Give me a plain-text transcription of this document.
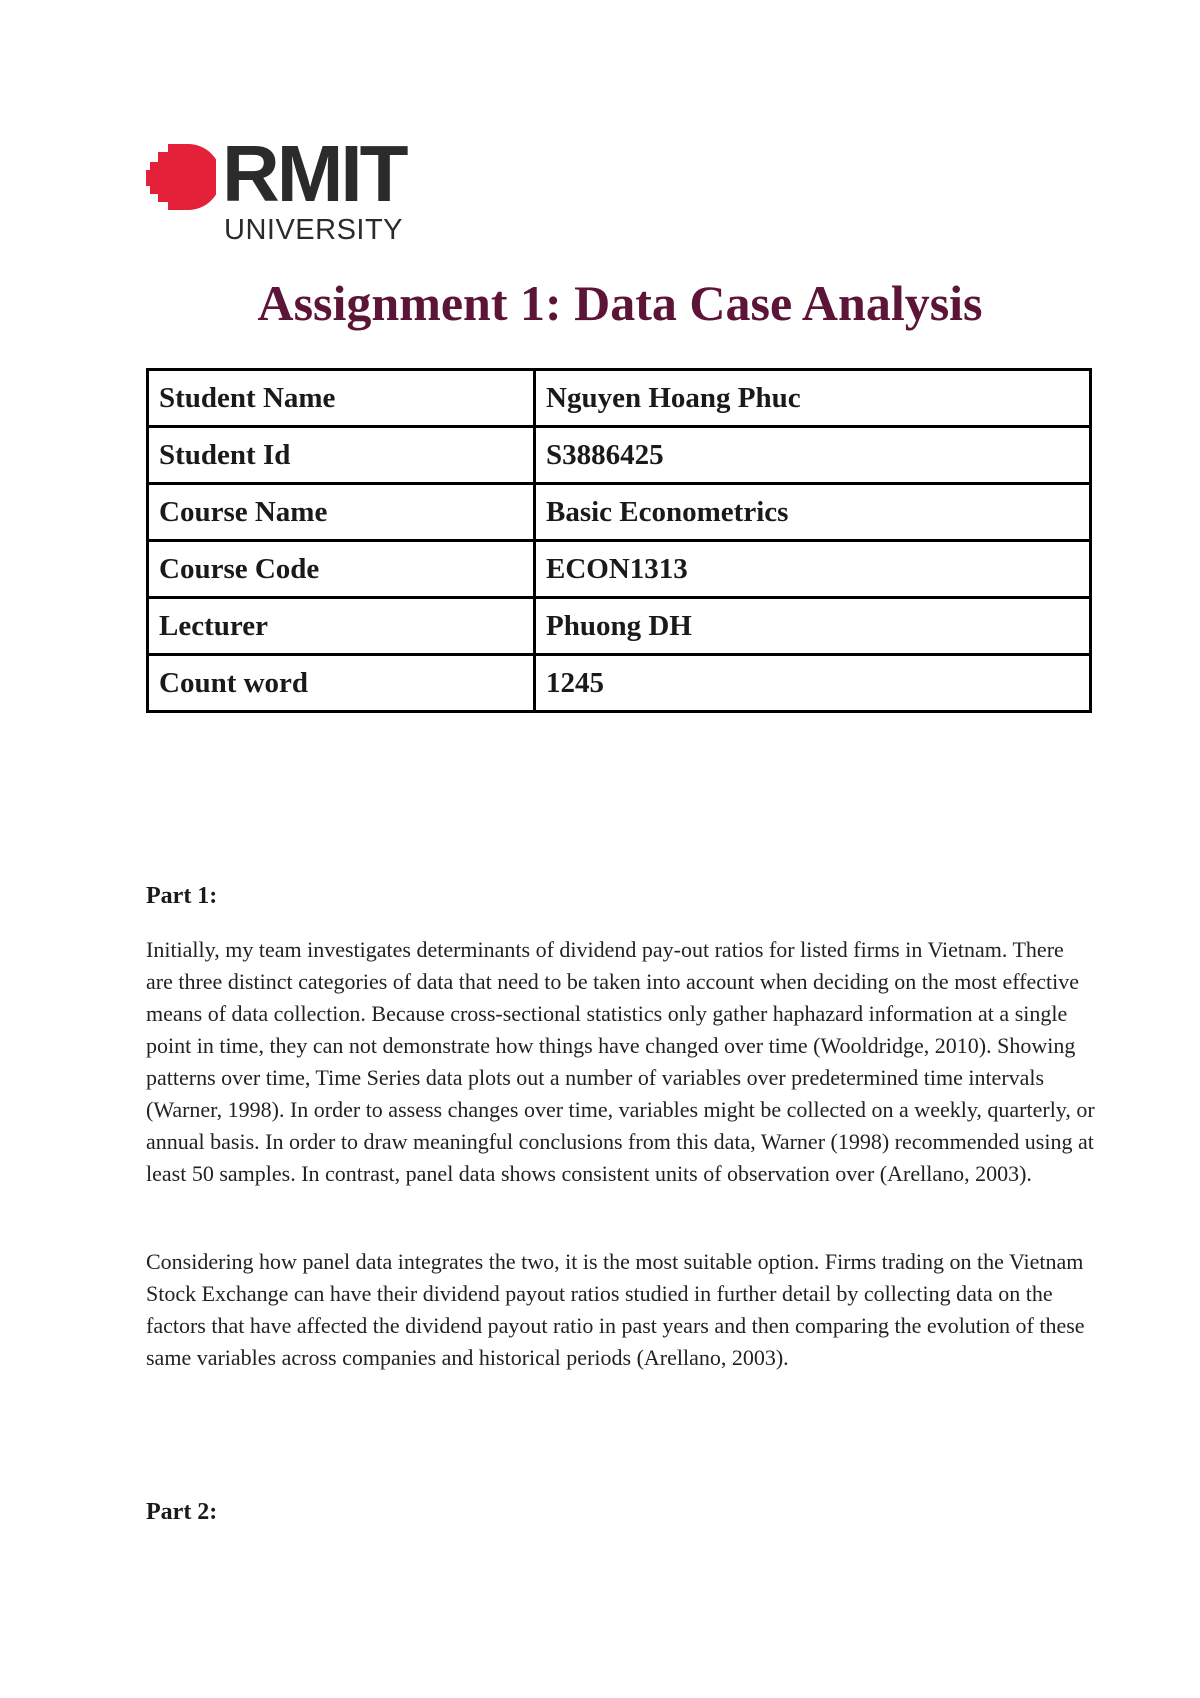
RMIT
UNIVERSITY
Assignment 1: Data Case Analysis
Student Name	Nguyen Hoang Phuc
Student Id	S3886425
Course Name	Basic Econometrics
Course Code	ECON1313
Lecturer	Phuong DH
Count word	1245
Part 1:

Initially, my team investigates determinants of dividend pay-out ratios for listed firms in Vietnam. There are three distinct categories of data that need to be taken into account when deciding on the most effective means of data collection. Because cross-sectional statistics only gather haphazard information at a single point in time, they can not demonstrate how things have changed over time (Wooldridge, 2010). Showing patterns over time, Time Series data plots out a number of variables over predetermined time intervals (Warner, 1998). In order to assess changes over time, variables might be collected on a weekly, quarterly, or annual basis. In order to draw meaningful conclusions from this data, Warner (1998) recommended using at least 50 samples. In contrast, panel data shows consistent units of observation over (Arellano, 2003).

Considering how panel data integrates the two, it is the most suitable option. Firms trading on the Vietnam Stock Exchange can have their dividend payout ratios studied in further detail by collecting data on the factors that have affected the dividend payout ratio in past years and then comparing the evolution of these same variables across companies and historical periods (Arellano, 2003).

Part 2:
